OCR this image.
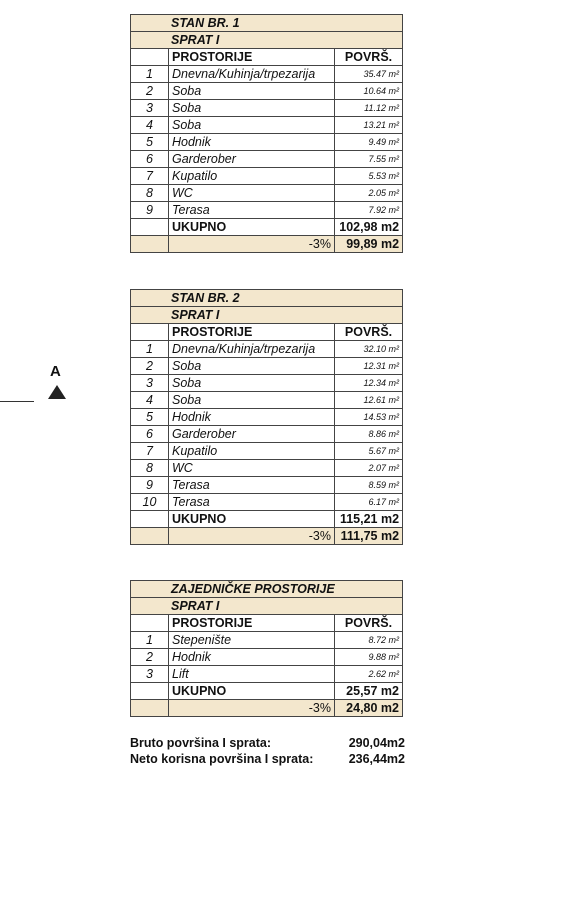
STAN BR. 1		
SPRAT I		
	PROSTORIJE	POVRŠ.
1	Dnevna/Kuhinja/trpezarija	35.47 m²
2	Soba	10.64 m²
3	Soba	11.12 m²
4	Soba	13.21 m²
5	Hodnik	9.49 m²
6	Garderober	7.55 m²
7	Kupatilo	5.53 m²
8	WC	2.05 m²
9	Terasa	7.92 m²
	UKUPNO	102,98 m2
	-3%	99,89 m2
STAN BR. 2		
SPRAT I		
	PROSTORIJE	POVRŠ.
1	Dnevna/Kuhinja/trpezarija	32.10 m²
2	Soba	12.31 m²
3	Soba	12.34 m²
4	Soba	12.61 m²
5	Hodnik	14.53 m²
6	Garderober	8.86 m²
7	Kupatilo	5.67 m²
8	WC	2.07 m²
9	Terasa	8.59 m²
10	Terasa	6.17 m²
	UKUPNO	115,21 m2
	-3%	111,75 m2
ZAJEDNIČKE PROSTORIJE		
SPRAT I		
	PROSTORIJE	POVRŠ.
1	Stepenište	8.72 m²
2	Hodnik	9.88 m²
3	Lift	2.62 m²
	UKUPNO	25,57 m2
	-3%	24,80 m2
A
Bruto površina I sprata:	290,04m2
Neto korisna površina I sprata:	236,44m2
